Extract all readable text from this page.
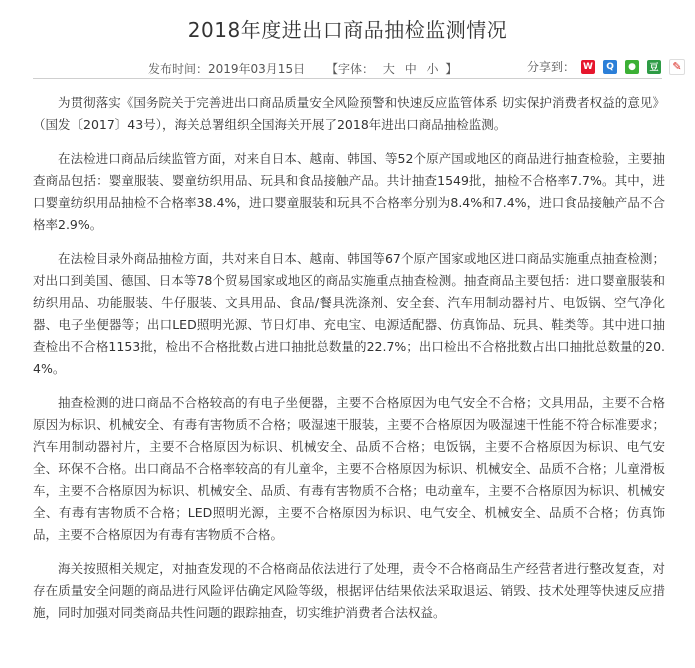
2018年度进出口商品抽检监测情况
发布时间：2019年03月15日 【字体： 大 中 小 】	分享到： W	Q	●	豆	✎

为贯彻落实《国务院关于完善进出口商品质量安全风险预警和快速反应监管体系 切实保护消费者权益的意见》（国发〔2017〕43号），海关总署组织全国海关开展了2018年进出口商品抽检监测。

在法检进口商品后续监管方面，对来自日本、越南、韩国、等52个原产国或地区的商品进行抽查检验，主要抽查商品包括：婴童服装、婴童纺织用品、玩具和食品接触产品。共计抽查1549批，抽检不合格率7.7%。其中，进口婴童纺织用品抽检不合格率38.4%，进口婴童服装和玩具不合格率分别为8.4%和7.4%，进口食品接触产品不合格率2.9%。

在法检目录外商品抽检方面，共对来自日本、越南、韩国等67个原产国家或地区进口商品实施重点抽查检测；对出口到美国、德国、日本等78个贸易国家或地区的商品实施重点抽查检测。抽查商品主要包括：进口婴童服装和纺织用品、功能服装、牛仔服装、文具用品、食品/餐具洗涤剂、安全套、汽车用制动器衬片、电饭锅、空气净化器、电子坐便器等；出口LED照明光源、节日灯串、充电宝、电源适配器、仿真饰品、玩具、鞋类等。其中进口抽查检出不合格1153批，检出不合格批数占进口抽批总数量的22.7%；出口检出不合格批数占出口抽批总数量的20.4%。

抽查检测的进口商品不合格较高的有电子坐便器，主要不合格原因为电气安全不合格；文具用品，主要不合格原因为标识、机械安全、有毒有害物质不合格；吸湿速干服装，主要不合格原因为吸湿速干性能不符合标准要求；汽车用制动器衬片，主要不合格原因为标识、机械安全、品质不合格；电饭锅，主要不合格原因为标识、电气安全、环保不合格。出口商品不合格率较高的有儿童伞，主要不合格原因为标识、机械安全、品质不合格；儿童滑板车，主要不合格原因为标识、机械安全、品质、有毒有害物质不合格；电动童车，主要不合格原因为标识、机械安全、有毒有害物质不合格；LED照明光源，主要不合格原因为标识、电气安全、机械安全、品质不合格；仿真饰品，主要不合格原因为有毒有害物质不合格。

海关按照相关规定，对抽查发现的不合格商品依法进行了处理，责令不合格商品生产经营者进行整改复查，对存在质量安全问题的商品进行风险评估确定风险等级，根据评估结果依法采取退运、销毁、技术处理等快速反应措施，同时加强对同类商品共性问题的跟踪抽查，切实维护消费者合法权益。
